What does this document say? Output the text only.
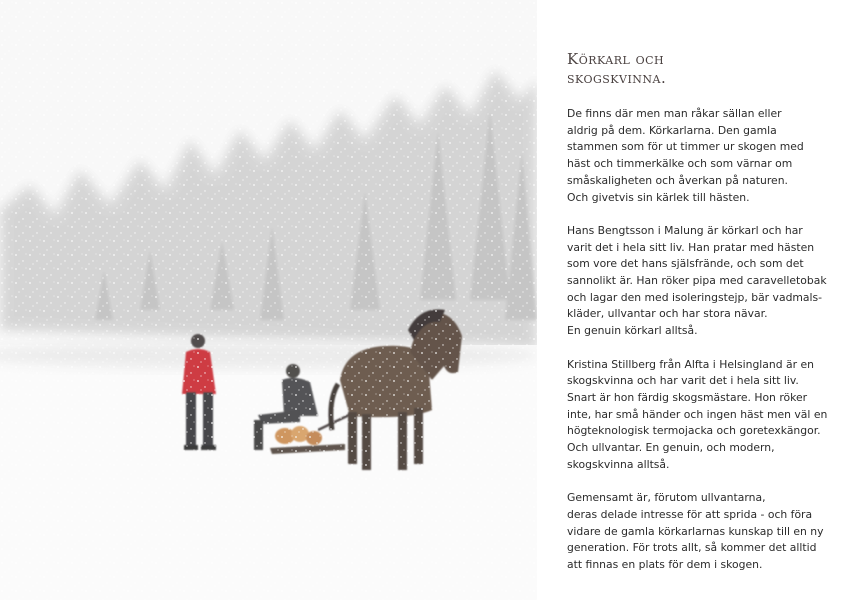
Körkarl och
skogskvinna.

De finns där men man råkar sällan eller
aldrig på dem. Körkarlarna. Den gamla
stammen som för ut timmer ur skogen med
häst och timmerkälke och som värnar om
småskaligheten och åverkan på naturen.
Och givetvis sin kärlek till hästen.

Hans Bengtsson i Malung är körkarl och har
varit det i hela sitt liv. Han pratar med hästen
som vore det hans själsfrände, och som det
sannolikt är. Han röker pipa med caravelletobak
och lagar den med isoleringstejp, bär vadmals-
kläder, ullvantar och har stora nävar.
En genuin körkarl alltså.

Kristina Stillberg från Alfta i Helsingland är en
skogskvinna och har varit det i hela sitt liv.
Snart är hon färdig skogsmästare. Hon röker
inte, har små händer och ingen häst men väl en
högteknologisk termojacka och goretexkängor.
Och ullvantar. En genuin, och modern,
skogskvinna alltså.

Gemensamt är, förutom ullvantarna,
deras delade intresse för att sprida - och föra
vidare de gamla körkarlarnas kunskap till en ny
generation. För trots allt, så kommer det alltid
att finnas en plats för dem i skogen.
